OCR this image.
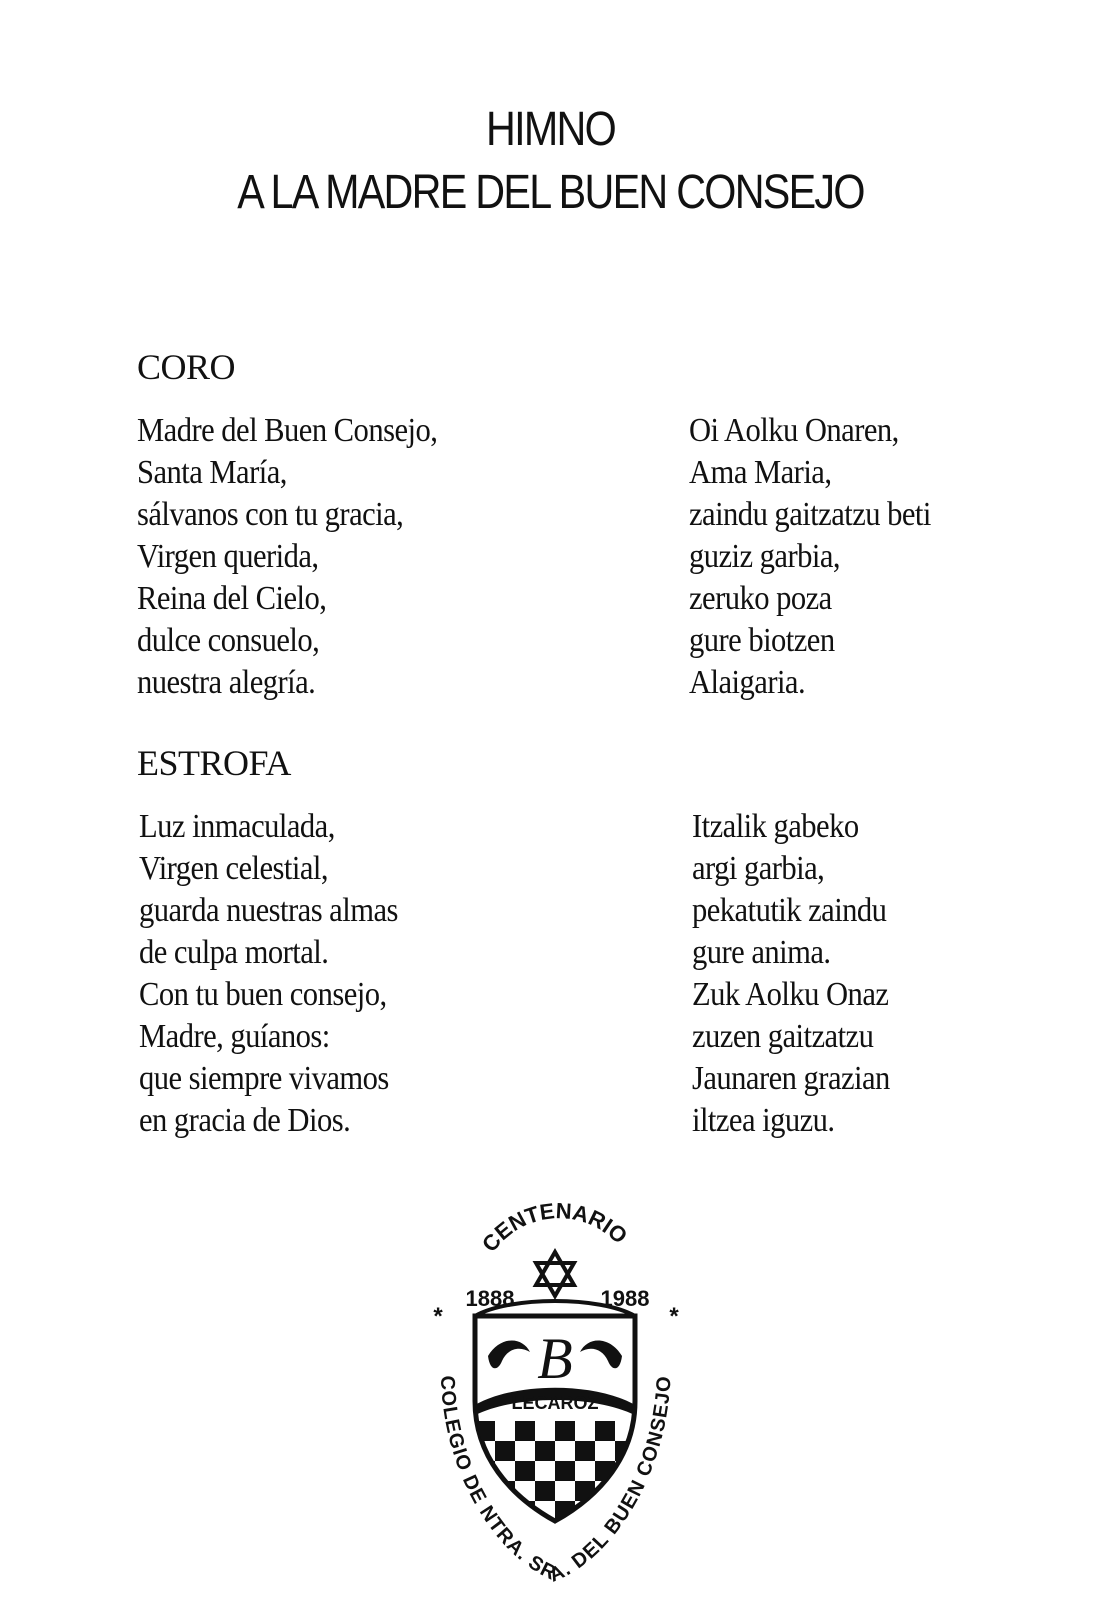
HIMNO
A LA MADRE DEL BUEN CONSEJO
CORO
Madre del Buen Consejo,
Santa María,
sálvanos con tu gracia,
Virgen querida,
Reina del Cielo,
dulce consuelo,
nuestra alegría.
Oi Aolku Onaren,
Ama Maria,
zaindu gaitzatzu beti
guziz garbia,
zeruko poza
gure biotzen
Alaigaria.
ESTROFA
Luz inmaculada,
Virgen celestial,
guarda nuestras almas
de culpa mortal.
Con tu buen consejo,
Madre, guíanos:
que siempre vivamos
en gracia de Dios.
Itzalik gabeko
argi garbia,
pekatutik zaindu
gure anima.
Zuk Aolku Onaz
zuzen gaitzatzu
Jaunaren grazian
iltzea iguzu.
CENTENARIO
1888	1988
B
LECAROZ
COLEGIO DE NTRA. SRA. DEL BUEN CONSEJO
*	*
